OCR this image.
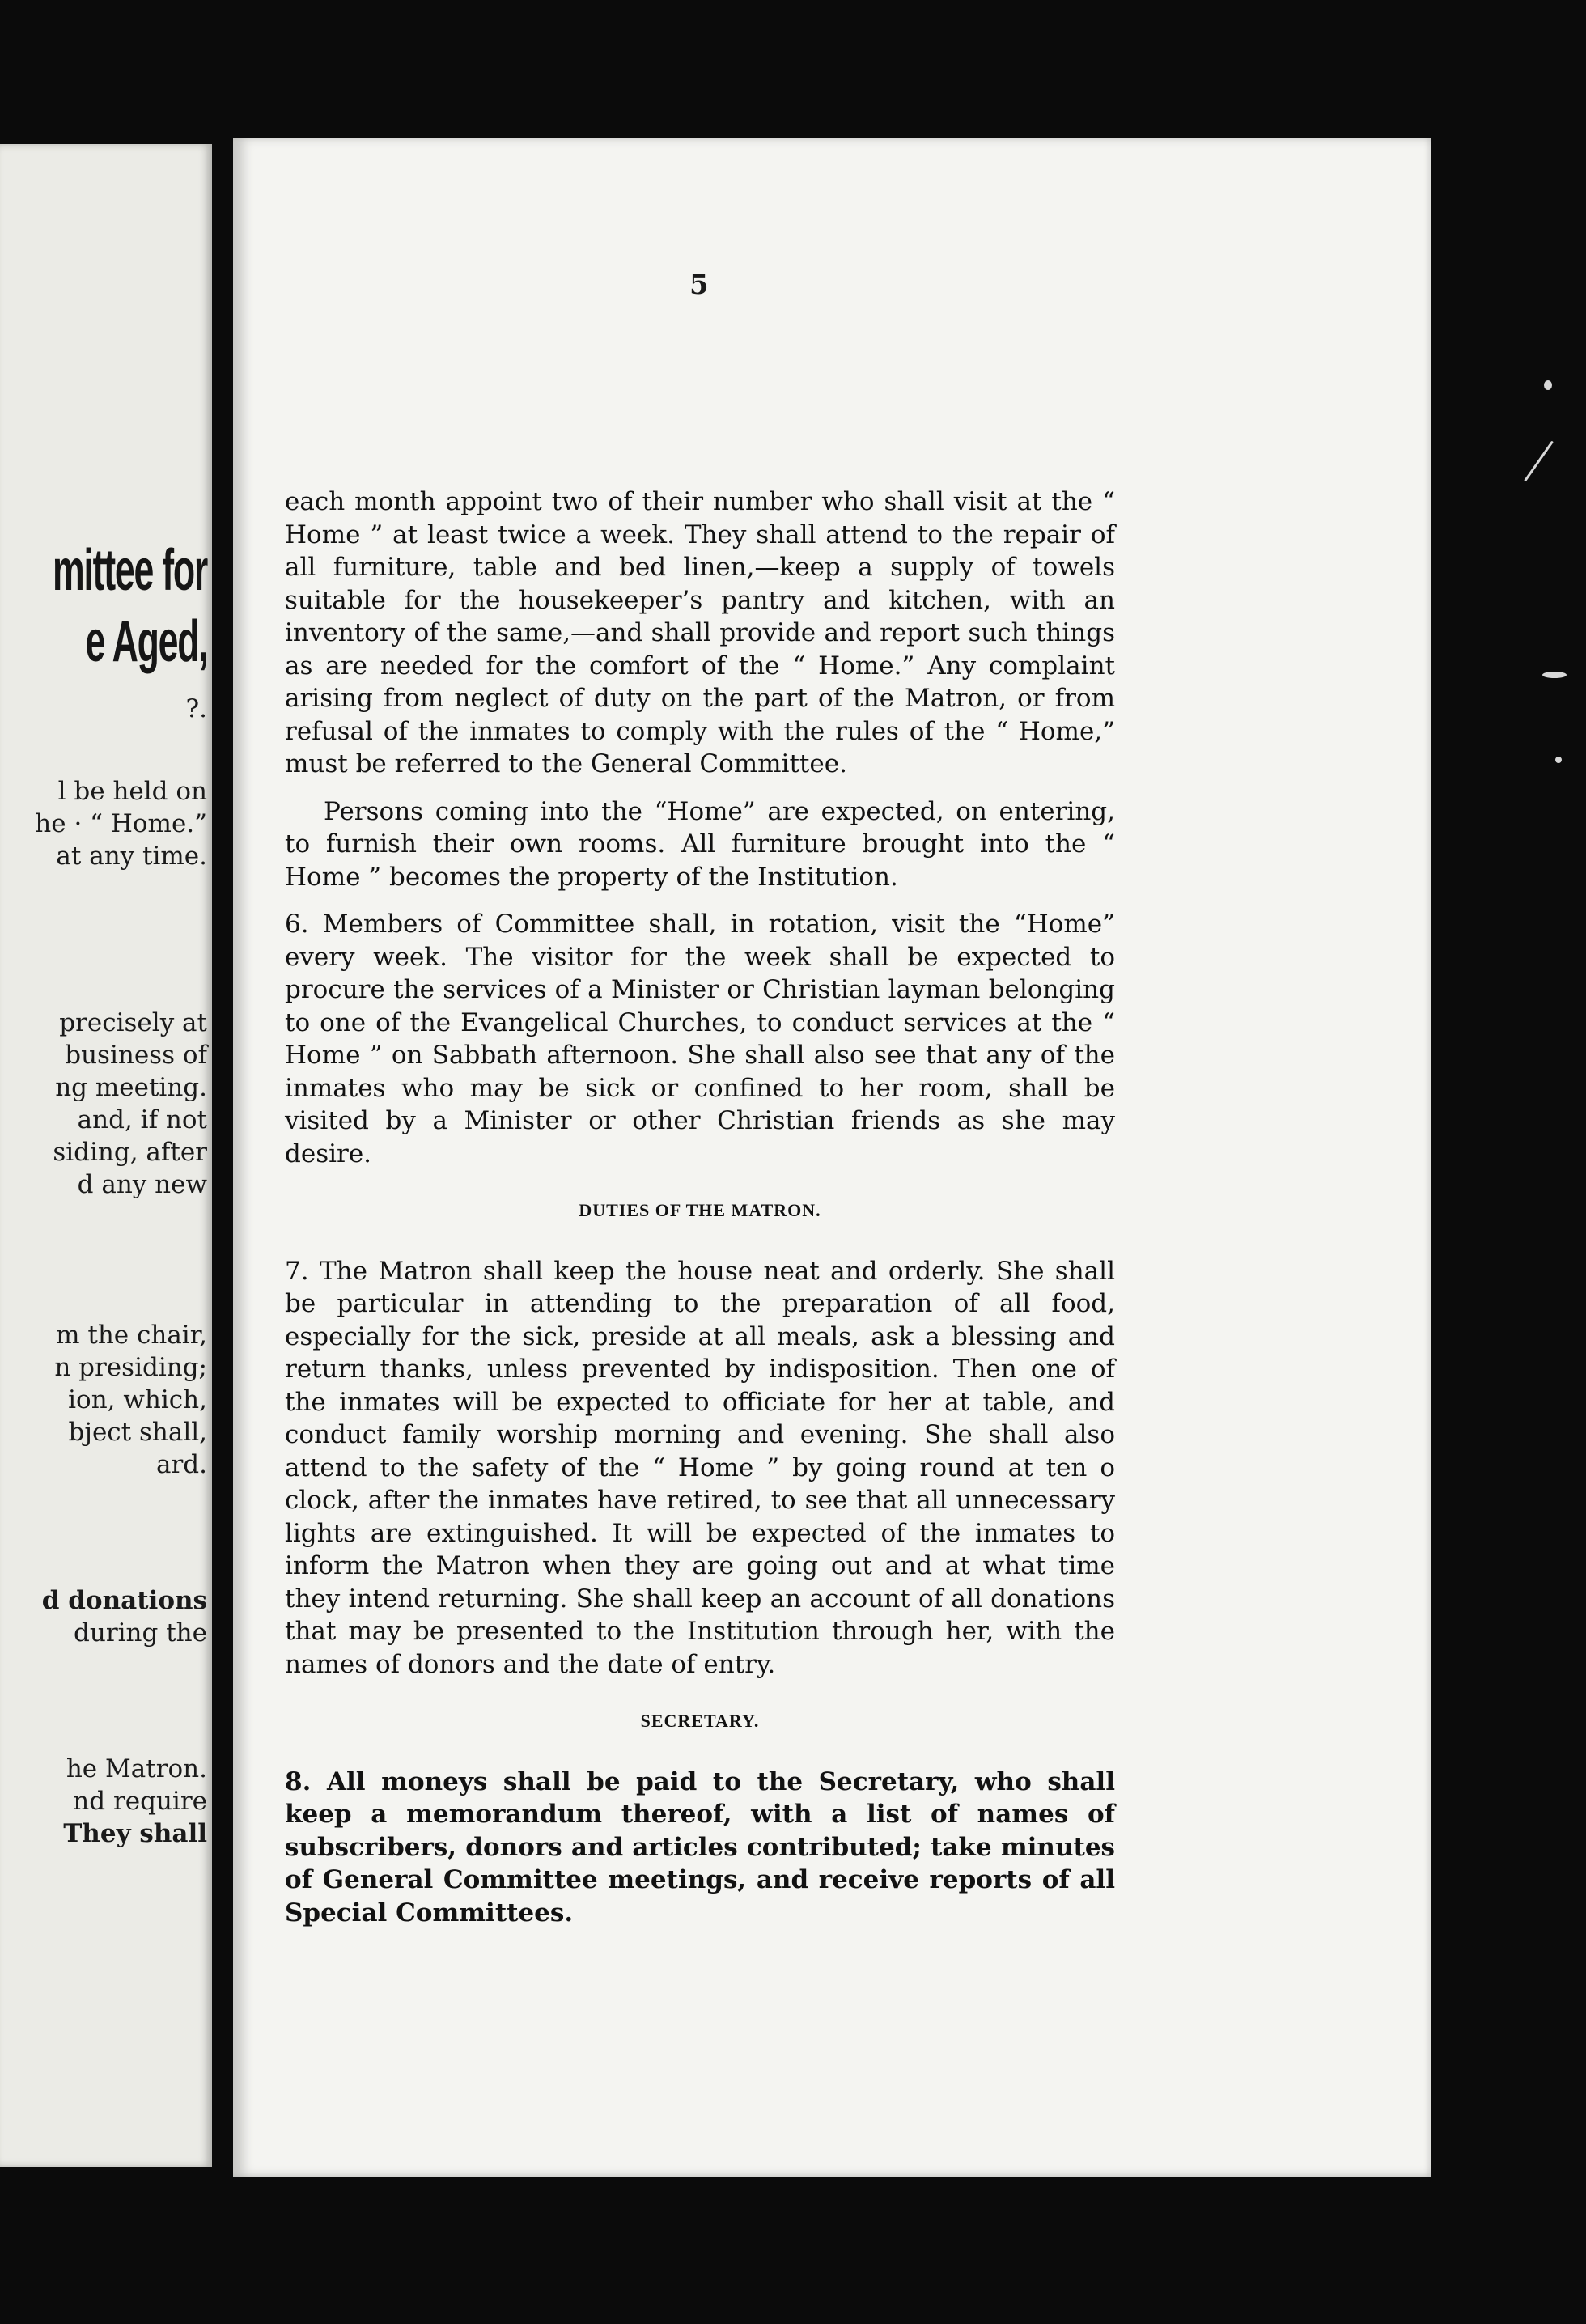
mittee for
e Aged,
?.
l be held on
he · “ Home.”
at any time.
precisely at
business of
ng meeting.
and, if not
siding, after
d any new
m the chair,
n presiding;
ion, which,
bject shall,
ard.
d donations
during the
he Matron.
nd require
They shall
5

each month appoint two of their number who shall visit at the “ Home ” at least twice a week. They shall attend to the repair of all furniture, table and bed linen,—keep a supply of towels suitable for the housekeeper’s pantry and kitchen, with an inventory of the same,—and shall provide and report such things as are needed for the comfort of the “ Home.” Any complaint arising from neglect of duty on the part of the Matron, or from refusal of the inmates to comply with the rules of the “ Home,” must be referred to the General Committee.

Persons coming into the “Home” are expected, on entering, to furnish their own rooms. All furniture brought into the “ Home ” becomes the property of the Institution.

6. Members of Committee shall, in rotation, visit the “Home” every week. The visitor for the week shall be expected to procure the services of a Minister or Christian layman belonging to one of the Evangelical Churches, to conduct services at the “ Home ” on Sabbath afternoon. She shall also see that any of the inmates who may be sick or confined to her room, shall be visited by a Minister or other Christian friends as she may desire.

DUTIES OF THE MATRON.

7. The Matron shall keep the house neat and orderly. She shall be particular in attending to the preparation of all food, especially for the sick, preside at all meals, ask a blessing and return thanks, unless prevented by indisposition. Then one of the inmates will be expected to officiate for her at table, and conduct family worship morning and evening. She shall also attend to the safety of the “ Home ” by going round at ten o clock, after the inmates have retired, to see that all unnecessary lights are extinguished. It will be expected of the inmates to inform the Matron when they are going out and at what time they intend returning. She shall keep an account of all donations that may be presented to the Institution through her, with the names of donors and the date of entry.

SECRETARY.

8. All moneys shall be paid to the Secretary, who shall keep a memorandum thereof, with a list of names of subscribers, donors and articles contributed; take minutes of General Committee meetings, and receive reports of all Special Committees.
